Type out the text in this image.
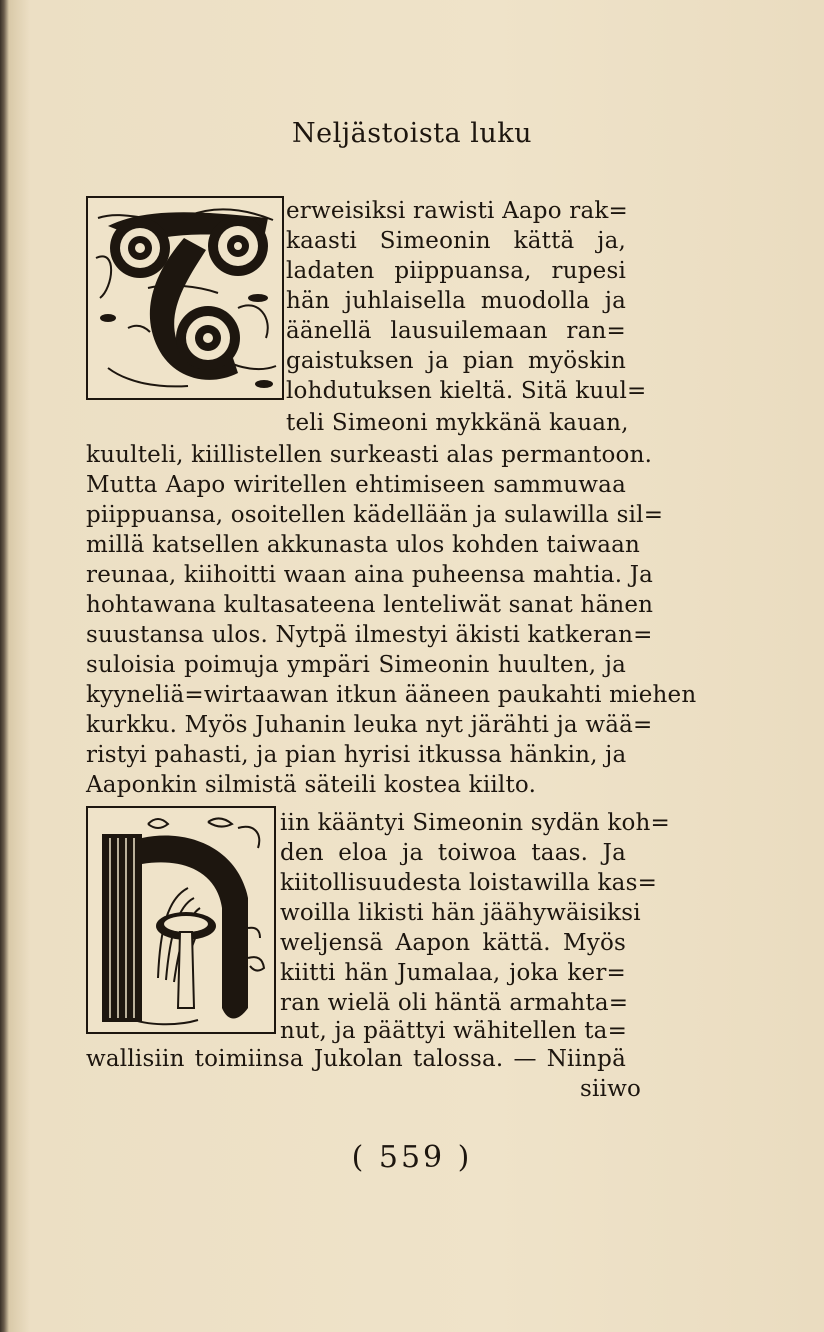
Neljästoista luku
erweisiksi rawisti Aapo rak=
kaasti Simeonin kättä ja,
ladaten piippuansa, rupesi
hän juhlaisella muodolla ja
äänellä lausuilemaan ran=
gaistuksen ja pian myöskin
lohdutuksen kieltä. Sitä kuul=
teli Simeoni mykkänä kauan,
kuulteli, kiillistellen surkeasti alas permantoon.
Mutta Aapo wiritellen ehtimiseen sammuwaa
piippuansa, osoitellen kädellään ja sulawilla sil=
millä katsellen akkunasta ulos kohden taiwaan
reunaa, kiihoitti waan aina puheensa mahtia. Ja
hohtawana kultasateena lenteliwät sanat hänen
suustansa ulos. Nytpä ilmestyi äkisti katkeran=
suloisia poimuja ympäri Simeonin huulten, ja
kyyneliä=wirtaawan itkun ääneen paukahti miehen
kurkku. Myös Juhanin leuka nyt järähti ja wää=
ristyi pahasti, ja pian hyrisi itkussa hänkin, ja
Aaponkin silmistä säteili kostea kiilto.
iin kääntyi Simeonin sydän koh=
den eloa ja toiwoa taas. Ja
kiitollisuudesta loistawilla kas=
woilla likisti hän jäähywäisiksi
weljensä Aapon kättä. Myös
kiitti hän Jumalaa, joka ker=
ran wielä oli häntä armahta=
nut, ja päättyi wähitellen ta=
wallisiin toimiinsa Jukolan talossa. — Niinpä
siiwo
( 559 )
